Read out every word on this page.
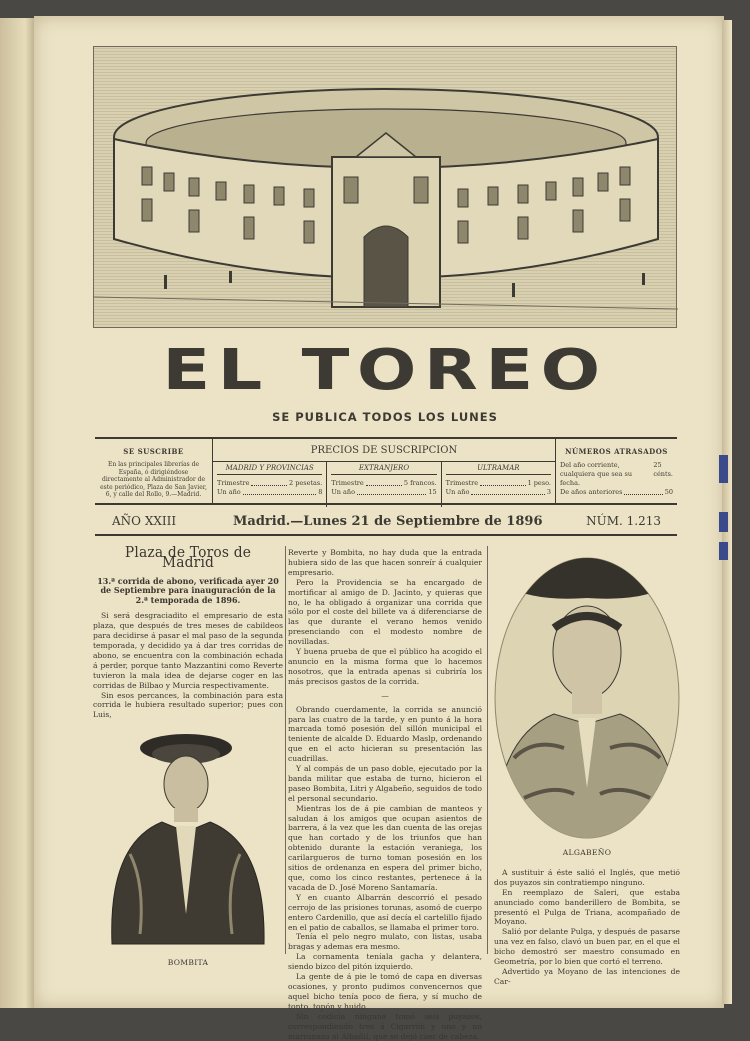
EL TOREO
SE PUBLICA TODOS LOS LUNES
SE SUSCRIBE
En las principales librerías de España, ó dirigiéndose directamente al Administrador de este periódico, Plaza de San Javier, 6, y calle del Rollo, 9.—Madrid.
PRECIOS DE SUSCRIPCION
MADRID Y PROVINCIAS
Trimestre	2 pesetas.
Un año	8
EXTRANJERO
Trimestre	5 francos.
Un año	15
ULTRAMAR
Trimestre	1 peso.
Un año	3
NÚMEROS ATRASADOS
Del año corriente, cualquiera que sea su fecha.
25 cénts.
De años anteriores	50
AÑO XXIII	Madrid.—Lunes 21 de Septiembre de 1896	NÚM. 1.213
Plaza de Toros de Madrid
13.ª corrida de abono, verificada ayer 20 de Septiembre para inauguración de la 2.ª temporada de 1896.

Si será desgraciadito el empresario de esta plaza, que después de tres meses de cabildeos para decidirse á pasar el mal paso de la segunda temporada, y decidido ya á dar tres corridas de abono, se encuentra con la combinación echada á perder, porque tanto Mazzantini como Reverte tuvieron la mala idea de dejarse coger en las corridas de Bilbao y Murcia respectivamente.

Sin esos percances, la combinación para esta corrida le hubiera resultado superior; pues con Luis,

BOMBITA

Reverte y Bombita, no hay duda que la entrada hubiera sido de las que hacen sonreír á cualquier empresario.

Pero la Providencia se ha encargado de mortificar al amigo de D. Jacinto, y quieras que no, le ha obligado á organizar una corrida que sólo por el coste del billete va á diferenciarse de las que durante el verano hemos venido presenciando con el modesto nombre de novilladas.

Y buena prueba de que el público ha acogido el anuncio en la misma forma que lo hacemos nosotros, que la entrada apenas si cubriría los más precisos gastos de la corrida.

—

Obrando cuerdamente, la corrida se anunció para las cuatro de la tarde, y en punto á la hora marcada tomó posesión del sillón municipal el teniente de alcalde D. Eduardo Maslp, ordenando que en el acto hicieran su presentación las cuadrillas.

Y al compás de un paso doble, ejecutado por la banda militar que estaba de turno, hicieron el paseo Bombita, Litri y Algabeño, seguidos de todo el personal secundario.

Mientras los de á pie cambian de manteos y saludan á los amigos que ocupan asientos de barrera, á la vez que les dan cuenta de las orejas que han cortado y de los triunfos que han obtenido durante la estación veraniega, los carilargueros de turno toman posesión en los sitios de ordenanza en espera del primer bicho, que, como los cinco restantes, pertenece á la vacada de D. José Moreno Santamaría.

Y en cuanto Albarrán descorrió el pesado cerrojo de las prisiones torunas, asomó de cuerpo entero Cardenillo, que así decía el cartelillo fijado en el patio de caballos, se llamaba el primer toro.

Tenía el pelo negro mulato, con listas, usaba bragas y ademas era mesmo.

La cornamenta teníala gacha y delantera, siendo bizco del pitón izquierdo.

La gente de á pie le tomó de capa en diversas ocasiones, y pronto pudimos convencernos que aquel bicho tenía poco de fiera, y sí mucho de tonto, topón y huido.

Sin codicia ninguna tomó seis puyazos, correspondiendo tres á Cigarrón y uno y un marronazo al Albañil, que se dejó caer de cabeza.

ALGABEÑO

A sustituir á éste salió el Inglés, que metió dos puyazos sin contratiempo ninguno.

En reemplazo de Saleri, que estaba anunciado como banderillero de Bombita, se presentó el Pulga de Triana, acompañado de Moyano.

Salió por delante Pulga, y después de pasarse una vez en falso, clavó un buen par, en el que el bicho demostró ser maestro consumado en Geometría, por lo bien que cortó el terreno.

Advertido ya Moyano de las intenciones de Car-
